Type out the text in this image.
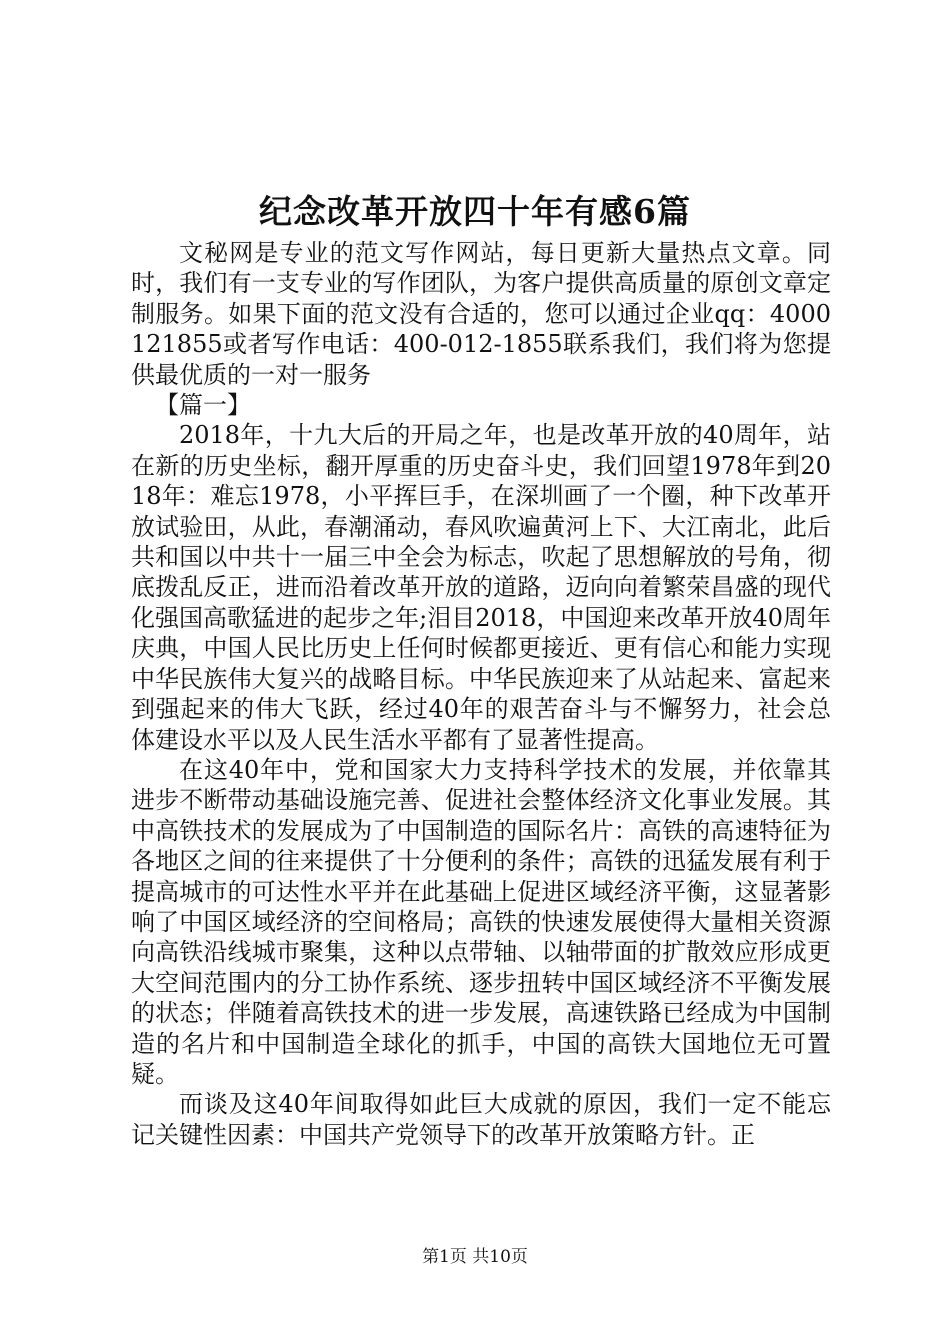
纪念改革开放四十年有感6篇

文秘网是专业的范文写作网站，每日更新大量热点文章。同时，我们有一支专业的写作团队，为客户提供高质量的原创文章定制服务。如果下面的范文没有合适的，您可以通过企业qq：4000121855或者写作电话：400-012-1855联系我们，我们将为您提供最优质的一对一服务

【篇一】

2018年，十九大后的开局之年，也是改革开放的40周年，站在新的历史坐标，翻开厚重的历史奋斗史，我们回望1978年到2018年：难忘1978，小平挥巨手，在深圳画了一个圈，种下改革开放试验田，从此，春潮涌动，春风吹遍黄河上下、大江南北，此后共和国以中共十一届三中全会为标志，吹起了思想解放的号角，彻底拨乱反正，进而沿着改革开放的道路，迈向向着繁荣昌盛的现代化强国高歌猛进的起步之年;泪目2018，中国迎来改革开放40周年庆典，中国人民比历史上任何时候都更接近、更有信心和能力实现中华民族伟大复兴的战略目标。中华民族迎来了从站起来、富起来到强起来的伟大飞跃，经过40年的艰苦奋斗与不懈努力，社会总体建设水平以及人民生活水平都有了显著性提高。

在这40年中，党和国家大力支持科学技术的发展，并依靠其进步不断带动基础设施完善、促进社会整体经济文化事业发展。其中高铁技术的发展成为了中国制造的国际名片：高铁的高速特征为各地区之间的往来提供了十分便利的条件；高铁的迅猛发展有利于提高城市的可达性水平并在此基础上促进区域经济平衡，这显著影响了中国区域经济的空间格局；高铁的快速发展使得大量相关资源向高铁沿线城市聚集，这种以点带轴、以轴带面的扩散效应形成更大空间范围内的分工协作系统、逐步扭转中国区域经济不平衡发展的状态；伴随着高铁技术的进一步发展，高速铁路已经成为中国制造的名片和中国制造全球化的抓手，中国的高铁大国地位无可置疑。

而谈及这40年间取得如此巨大成就的原因，我们一定不能忘记关键性因素：中国共产党领导下的改革开放策略方针。正

第1页 共10页
